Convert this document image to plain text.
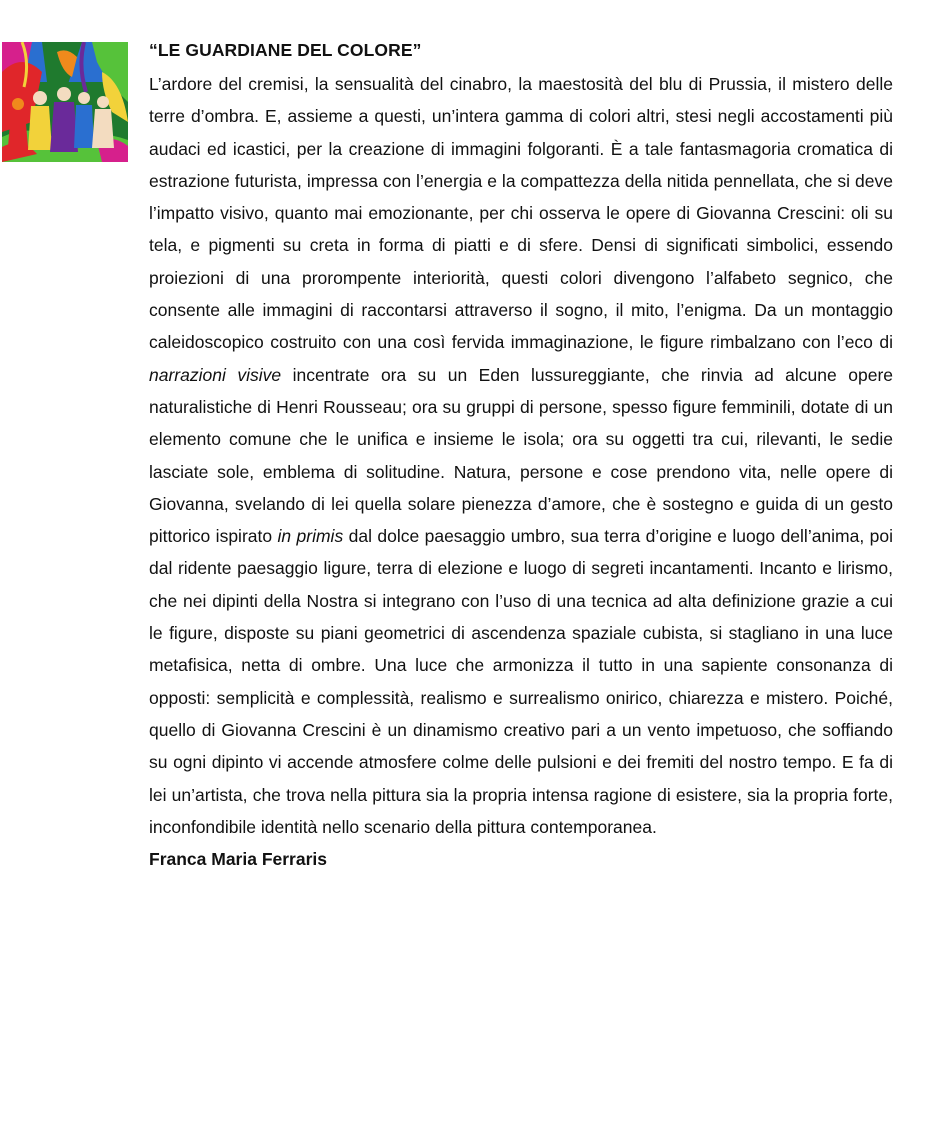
“LE GUARDIANE DEL COLORE”

L’ardore del cremisi, la sensualità del cinabro, la maestosità del blu di Prussia, il mistero delle terre d’ombra. E, assieme a questi, un’intera gamma di colori altri, stesi negli accostamenti più audaci ed icastici, per la creazione di immagini folgoranti. È a tale fantasmagoria cromatica di estrazione futurista, impressa con l’energia e la compattezza della nitida pennellata, che si deve l’impatto visivo, quanto mai emozionante, per chi osserva le opere di Giovanna Crescini: oli su tela, e pigmenti su creta in forma di piatti e di sfere. Densi di significati simbolici, essendo proiezioni di una prorompente interiorità, questi colori divengono l’alfabeto segnico, che consente alle immagini di raccontarsi attraverso il sogno, il mito, l’enigma. Da un montaggio caleidoscopico costruito con una così fervida immaginazione, le figure rimbalzano con l’eco di narrazioni visive incentrate ora su un Eden lussureggiante, che rinvia ad alcune opere naturalistiche di Henri Rousseau; ora su gruppi di persone, spesso figure femminili, dotate di un elemento comune che le unifica e insieme le isola; ora su oggetti tra cui, rilevanti, le sedie lasciate sole, emblema di solitudine. Natura, persone e cose prendono vita, nelle opere di Giovanna, svelando di lei quella solare pienezza d’amore, che è sostegno e guida di un gesto pittorico ispirato in primis dal dolce paesaggio umbro, sua terra d’origine e luogo dell’anima, poi dal ridente paesaggio ligure, terra di elezione e luogo di segreti incantamenti. Incanto e lirismo, che nei dipinti della Nostra si integrano con l’uso di una tecnica ad alta definizione grazie a cui le figure, disposte su piani geometrici di ascendenza spaziale cubista, si stagliano in una luce metafisica, netta di ombre. Una luce che armonizza il tutto in una sapiente consonanza di opposti: semplicità e complessità, realismo e surrealismo onirico, chiarezza e mistero. Poiché, quello di Giovanna Crescini è un dinamismo creativo pari a un vento impetuoso, che soffiando su ogni dipinto vi accende atmosfere colme delle pulsioni e dei fremiti del nostro tempo. E fa di lei un’artista, che trova nella pittura sia la propria intensa ragione di esistere, sia la propria forte, inconfondibile identità nello scenario della pittura contemporanea.

Franca Maria Ferraris
